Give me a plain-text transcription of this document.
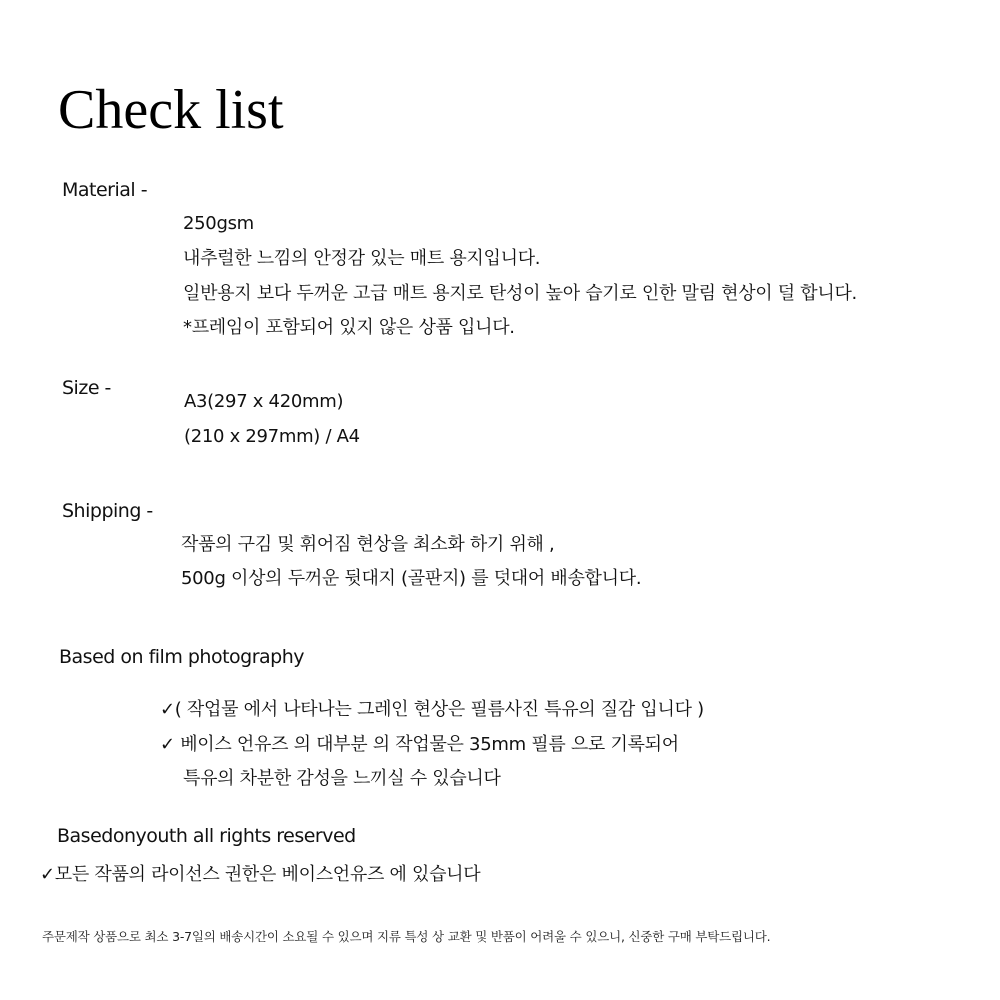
Check list
Material -
250gsm
내추럴한 느낌의 안정감 있는 매트 용지입니다.
일반용지 보다 두꺼운 고급 매트 용지로 탄성이 높아 습기로 인한 말림 현상이 덜 합니다.
*프레임이 포함되어 있지 않은 상품 입니다.
Size -
A3(297 x 420mm)
(210 x 297mm) / A4
Shipping -
작품의 구김 및 휘어짐 현상을 최소화 하기 위해 ,
500g 이상의 두꺼운 뒷대지 (골판지) 를 덧대어 배송합니다.
Based on film photography
✓( 작업물 에서 나타나는 그레인 현상은 필름사진 특유의 질감 입니다 )
✓ 베이스 언유즈 의 대부분 의 작업물은 35mm 필름 으로 기록되어
특유의 차분한 감성을 느끼실 수 있습니다
Basedonyouth all rights reserved
✓모든 작품의 라이선스 권한은 베이스언유즈 에 있습니다
주문제작 상품으로 최소 3-7일의 배송시간이 소요될 수 있으며 지류 특성 상 교환 및 반품이 어려울 수 있으니, 신중한 구매 부탁드립니다.
